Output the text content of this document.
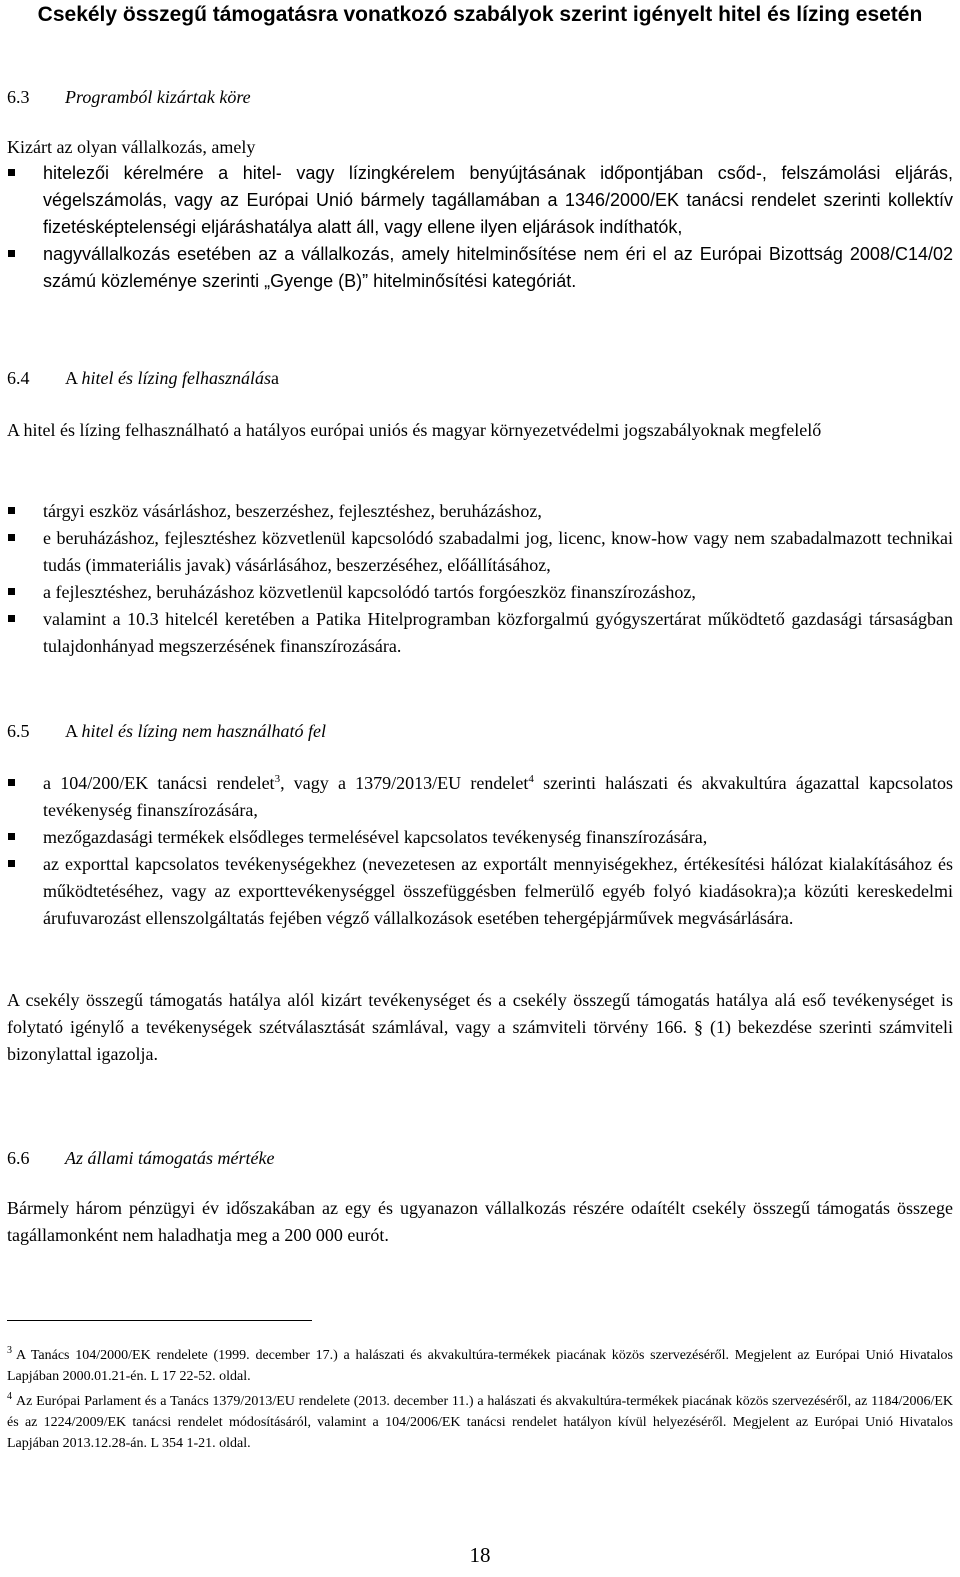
Csekély összegű támogatásra vonatkozó szabályok szerint igényelt hitel és lízing esetén
6.3 Programból kizártak köre
Kizárt az olyan vállalkozás, amely
hitelezői kérelmére a hitel- vagy lízingkérelem benyújtásának időpontjában csőd-, felszámolási eljárás, végelszámolás, vagy az Európai Unió bármely tagállamában a 1346/2000/EK tanácsi rendelet szerinti kollektív fizetésképtelenségi eljáráshatálya alatt áll, vagy ellene ilyen eljárások indíthatók,
nagyvállalkozás esetében az a vállalkozás, amely hitelminősítése nem éri el az Európai Bizottság 2008/C14/02 számú közleménye szerinti „Gyenge (B)” hitelminősítési kategóriát.
6.4 A hitel és lízing felhasználása
A hitel és lízing felhasználható a hatályos európai uniós és magyar környezetvédelmi jogszabályoknak megfelelő
tárgyi eszköz vásárláshoz, beszerzéshez, fejlesztéshez, beruházáshoz,
e beruházáshoz, fejlesztéshez közvetlenül kapcsolódó szabadalmi jog, licenc, know-how vagy nem szabadalmazott technikai tudás (immateriális javak) vásárlásához, beszerzéséhez, előállításához,
a fejlesztéshez, beruházáshoz közvetlenül kapcsolódó tartós forgóeszköz finanszírozáshoz,
valamint a 10.3 hitelcél keretében a Patika Hitelprogramban közforgalmú gyógyszertárat működtető gazdasági társaságban tulajdonhányad megszerzésének finanszírozására.
6.5 A hitel és lízing nem használható fel
a 104/200/EK tanácsi rendelet$^3$, vagy a 1379/2013/EU rendelet$^4$ szerinti halászati és akvakultúra ágazattal kapcsolatos tevékenység finanszírozására,
mezőgazdasági termékek elsődleges termelésével kapcsolatos tevékenység finanszírozására,
az exporttal kapcsolatos tevékenységekhez (nevezetesen az exportált mennyiségekhez, értékesítési hálózat kialakításához és működtetéséhez, vagy az exporttevékenységgel összefüggésben felmerülő egyéb folyó kiadásokra);a közúti kereskedelmi árufuvarozást ellenszolgáltatás fejében végző vállalkozások esetében tehergépjárművek megvásárlására.
A csekély összegű támogatás hatálya alól kizárt tevékenységet és a csekély összegű támogatás hatálya alá eső tevékenységet is folytató igénylő a tevékenységek szétválasztását számlával, vagy a számviteli törvény 166. § (1) bekezdése szerinti számviteli bizonylattal igazolja.
6.6 Az állami támogatás mértéke
Bármely három pénzügyi év időszakában az egy és ugyanazon vállalkozás részére odaítélt csekély összegű támogatás összege tagállamonként nem haladhatja meg a 200 000 eurót.
$^3$ A Tanács 104/2000/EK rendelete (1999. december 17.) a halászati és akvakultúra-termékek piacának közös szervezéséről. Megjelent az Európai Unió Hivatalos Lapjában 2000.01.21-én. L 17 22-52. oldal.
$^4$ Az Európai Parlament és a Tanács 1379/2013/EU rendelete (2013. december 11.) a halászati és akvakultúra-termékek piacának közös szervezéséről, az 1184/2006/EK és az 1224/2009/EK tanácsi rendelet módosításáról, valamint a 104/2006/EK tanácsi rendelet hatályon kívül helyezéséről. Megjelent az Európai Unió Hivatalos Lapjában 2013.12.28-án. L 354 1-21. oldal.
18
